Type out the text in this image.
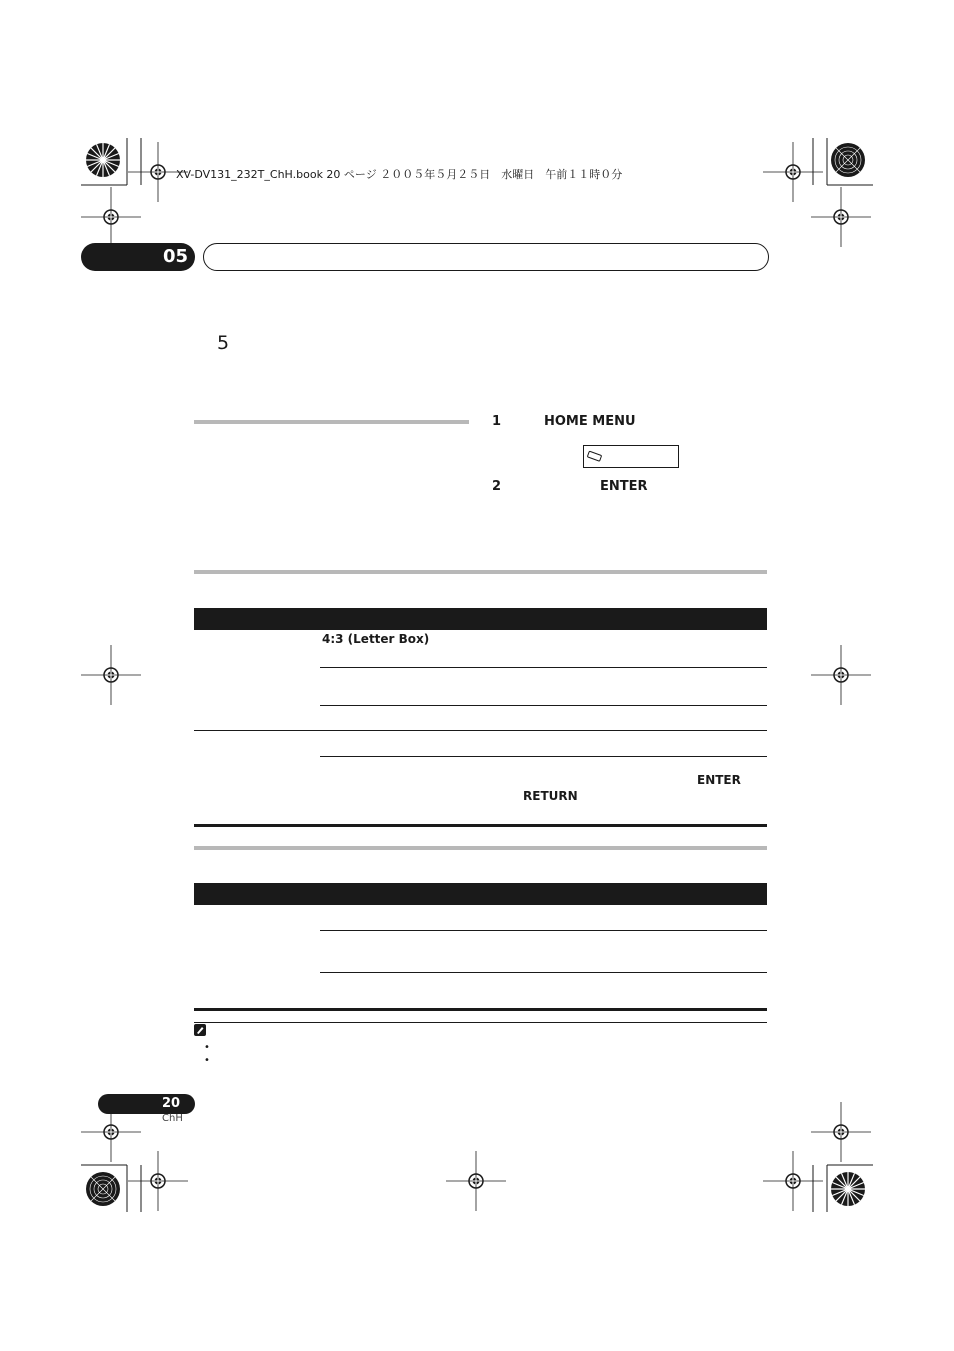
XV-DV131_232T_ChH.book 20 ページ ２００５年５月２５日　水曜日　午前１１時０分
05
5
1	HOME MENU
2	ENTER
4:3 (Letter Box)
ENTER
RETURN
•
•
20
ChH
